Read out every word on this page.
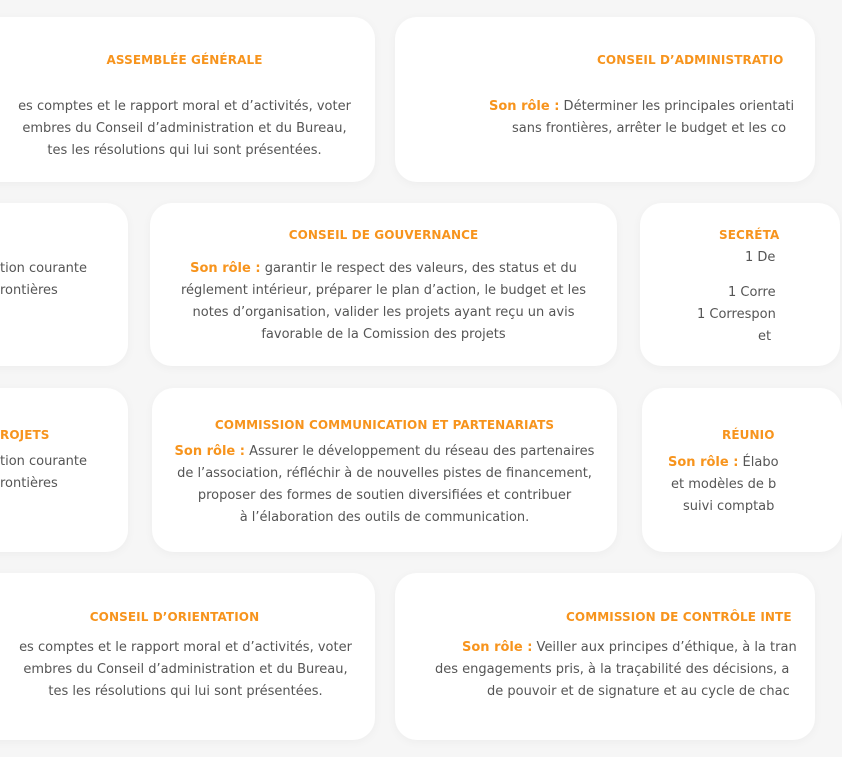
ASSEMBLÉE GÉNÉRALE
es comptes et le rapport moral et d’activités, voter
embres du Conseil d’administration et du Bureau,
tes les résolutions qui lui sont présentées.
CONSEIL D’ADMINISTRATIO
Son rôle : Déterminer les principales orientati
sans frontières, arrêter le budget et les co
tion courante
rontières
CONSEIL DE GOUVERNANCE
Son rôle : garantir le respect des valeurs, des status et du
réglement intérieur, préparer le plan d’action, le budget et les
notes d’organisation, valider les projets ayant reçu un avis
favorable de la Comission des projets
SECRÉTA
1 De
1 Corre
1 Correspon
et
ROJETS
tion courante
rontières
COMMISSION COMMUNICATION ET PARTENARIATS
Son rôle : Assurer le développement du réseau des partenaires
de l’association, réfléchir à de nouvelles pistes de financement,
proposer des formes de soutien diversifiées et contribuer
à l’élaboration des outils de communication.
RÉUNIO
Son rôle : Élabo
et modèles de b
suivi comptab
CONSEIL D’ORIENTATION
es comptes et le rapport moral et d’activités, voter
embres du Conseil d’administration et du Bureau,
tes les résolutions qui lui sont présentées.
COMMISSION DE CONTRÔLE INTE
Son rôle : Veiller aux principes d’éthique, à la tran
des engagements pris, à la traçabilité des décisions, a
de pouvoir et de signature et au cycle de chac
